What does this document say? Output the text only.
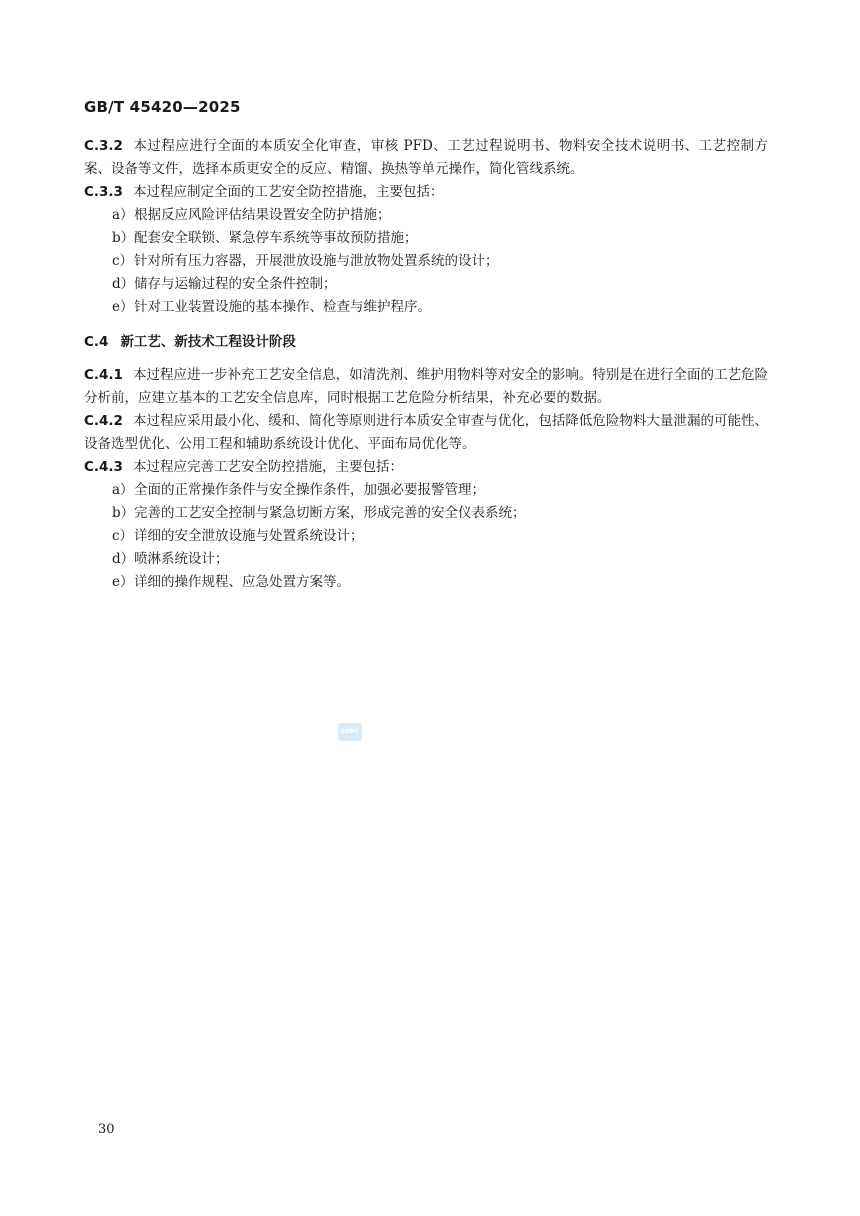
GB/T 45420—2025

C.3.2 本过程应进行全面的本质安全化审查，审核 PFD、工艺过程说明书、物料安全技术说明书、工艺控制方案、设备等文件，选择本质更安全的反应、精馏、换热等单元操作，简化管线系统。

C.3.3 本过程应制定全面的工艺安全防控措施，主要包括：

a）根据反应风险评估结果设置安全防护措施；
b）配套安全联锁、紧急停车系统等事故预防措施；
c）针对所有压力容器，开展泄放设施与泄放物处置系统的设计；
d）储存与运输过程的安全条件控制；
e）针对工业装置设施的基本操作、检查与维护程序。
C.4 新工艺、新技术工程设计阶段

C.4.1 本过程应进一步补充工艺安全信息，如清洗剂、维护用物料等对安全的影响。特别是在进行全面的工艺危险分析前，应建立基本的工艺安全信息库，同时根据工艺危险分析结果，补充必要的数据。

C.4.2 本过程应采用最小化、缓和、简化等原则进行本质安全审查与优化，包括降低危险物料大量泄漏的可能性、设备选型优化、公用工程和辅助系统设计优化、平面布局优化等。

C.4.3 本过程应完善工艺安全防控措施，主要包括：

a）全面的正常操作条件与安全操作条件，加强必要报警管理；
b）完善的工艺安全控制与紧急切断方案，形成完善的安全仪表系统；
c）详细的安全泄放设施与处置系统设计；
d）喷淋系统设计；
e）详细的操作规程、应急处置方案等。
SDNC
30
